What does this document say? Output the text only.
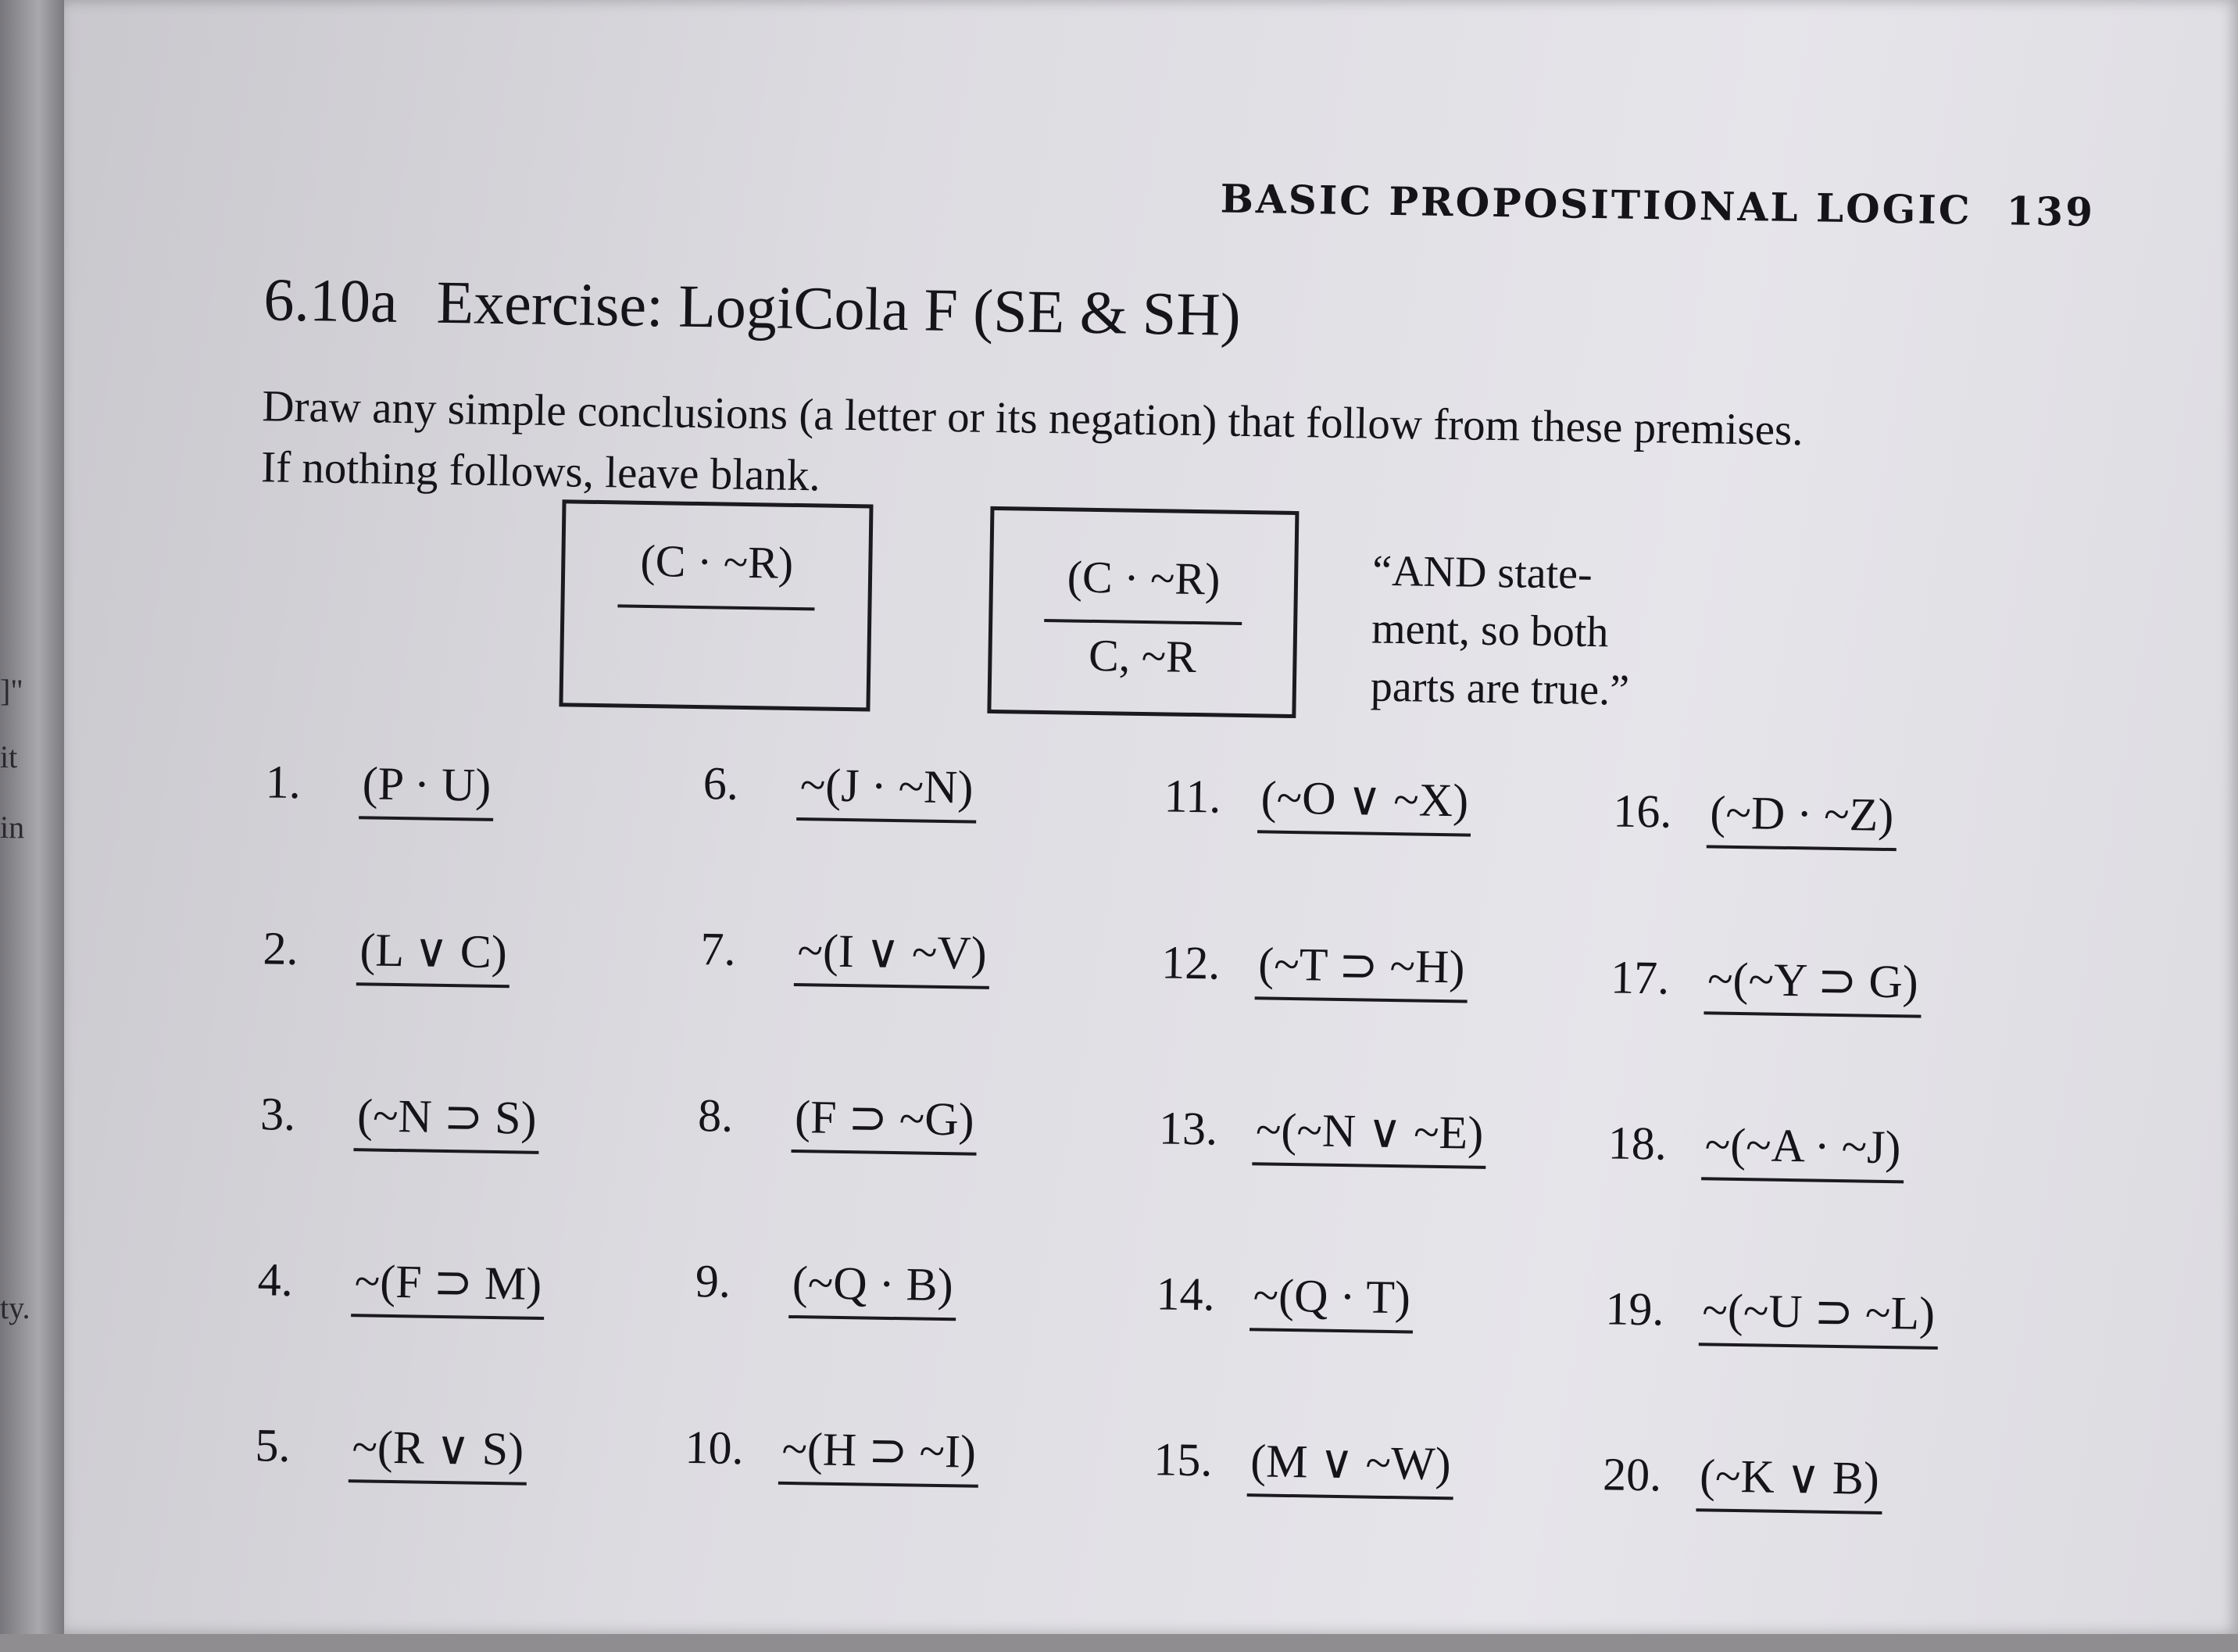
]"
it
in
ty.
BASIC PROPOSITIONAL LOGIC 139
6.10a Exercise: LogiCola F (SE & SH)
Draw any simple conclusions (a letter or its negation) that follow from these premises.
If nothing follows, leave blank.
(C · ~R)	(C · ~R)
C, ~R
“AND state-
ment, so both
parts are true.”
1. (P · U)
2. (L ∨ C)
3. (~N ⊃ S)
4. ~(F ⊃ M)
5. ~(R ∨ S)
6. ~(J · ~N)
7. ~(I ∨ ~V)
8. (F ⊃ ~G)
9. (~Q · B)
10. ~(H ⊃ ~I)
11. (~O ∨ ~X)
12. (~T ⊃ ~H)
13. ~(~N ∨ ~E)
14. ~(Q · T)
15. (M ∨ ~W)
16. (~D · ~Z)
17. ~(~Y ⊃ G)
18. ~(~A · ~J)
19. ~(~U ⊃ ~L)
20. (~K ∨ B)
